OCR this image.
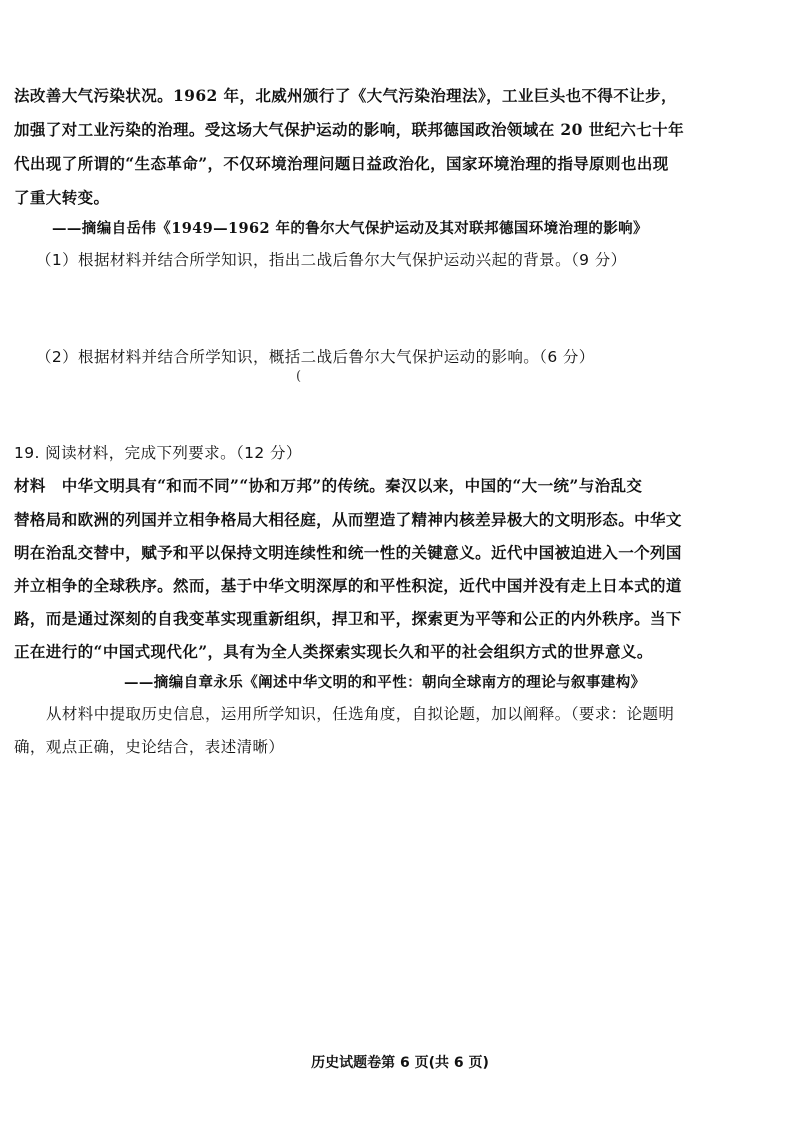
法改善大气污染状况。1962 年，北威州颁行了《大气污染治理法》，工业巨头也不得不让步，
加强了对工业污染的治理。受这场大气保护运动的影响，联邦德国政治领域在 20 世纪六七十年
代出现了所谓的“生态革命”，不仅环境治理问题日益政治化，国家环境治理的指导原则也出现
了重大转变。
——摘编自岳伟《1949—1962 年的鲁尔大气保护运动及其对联邦德国环境治理的影响》
（1）根据材料并结合所学知识，指出二战后鲁尔大气保护运动兴起的背景。（9 分）
（2）根据材料并结合所学知识，概括二战后鲁尔大气保护运动的影响。（6 分）
(
19. 阅读材料，完成下列要求。（12 分）
材料　中华文明具有“和而不同”“协和万邦”的传统。秦汉以来，中国的“大一统”与治乱交
替格局和欧洲的列国并立相争格局大相径庭，从而塑造了精神内核差异极大的文明形态。中华文
明在治乱交替中，赋予和平以保持文明连续性和统一性的关键意义。近代中国被迫进入一个列国
并立相争的全球秩序。然而，基于中华文明深厚的和平性积淀，近代中国并没有走上日本式的道
路，而是通过深刻的自我变革实现重新组织，捍卫和平，探索更为平等和公正的内外秩序。当下
正在进行的“中国式现代化”，具有为全人类探索实现长久和平的社会组织方式的世界意义。
——摘编自章永乐《阐述中华文明的和平性：朝向全球南方的理论与叙事建构》
从材料中提取历史信息，运用所学知识，任选角度，自拟论题，加以阐释。（要求：论题明
确，观点正确，史论结合，表述清晰）
历史试题卷第 6 页(共 6 页)
